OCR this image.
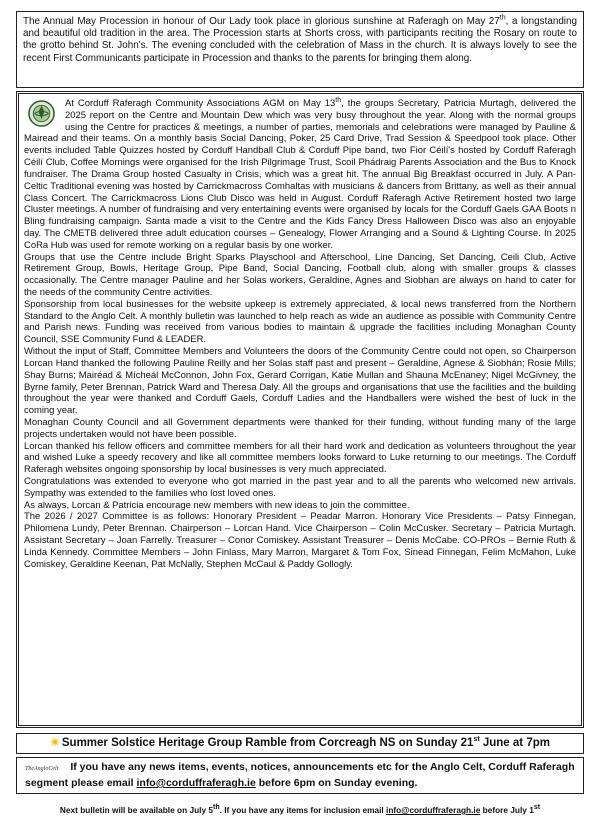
The Annual May Procession in honour of Our Lady took place in glorious sunshine at Raferagh on May 27th, a longstanding and beautiful old tradition in the area. The Procession starts at Shorts cross, with participants reciting the Rosary on route to the grotto behind St. John's. The evening concluded with the celebration of Mass in the church. It is always lovely to see the recent First Communicants participate in Procession and thanks to the parents for bringing them along.

At Corduff Raferagh Community Associations AGM on May 13th, the groups Secretary, Patricia Murtagh, delivered the 2025 report on the Centre and Mountain Dew which was very busy throughout the year. Along with the normal groups using the Centre for practices & meetings, a number of parties, memorials and celebrations were managed by Pauline & Mairead and their teams. On a monthly basis Social Dancing, Poker, 25 Card Drive, Trad Session & Speedpool took place. Other events included Table Quizzes hosted by Corduff Handball Club & Corduff Pipe band, two Fior Céilí's hosted by Corduff Raferagh Céilí Club, Coffee Mornings were organised for the Irish Pilgrimage Trust, Scoil Phádraig Parents Association and the Bus to Knock fundraiser. The Drama Group hosted Casualty in Crisis, which was a great hit. The annual Big Breakfast occurred in July. A Pan-Celtic Traditional evening was hosted by Carrickmacross Comhaltas with musicians & dancers from Brittany, as well as their annual Class Concert. The Carrickmacross Lions Club Disco was held in August. Corduff Raferagh Active Retirement hosted two large Cluster meetings. A number of fundraising and very entertaining events were organised by locals for the Corduff Gaels GAA Boots n Bling fundraising campaign. Santa made a visit to the Centre and the Kids Fancy Dress Halloween Disco was also an enjoyable day. The CMETB delivered three adult education courses – Genealogy, Flower Arranging and a Sound & Lighting Course. In 2025 CoRa Hub was used for remote working on a regular basis by one worker.

Groups that use the Centre include Bright Sparks Playschool and Afterschool, Line Dancing, Set Dancing, Ceili Club, Active Retirement Group, Bowls, Heritage Group, Pipe Band, Social Dancing, Football club, along with smaller groups & classes occasionally. The Centre manager Pauline and her Solas workers, Geraldine, Agnes and Siobhan are always on hand to cater for the needs of the community Centre activities.

Sponsorship from local businesses for the website upkeep is extremely appreciated, & local news transferred from the Northern Standard to the Anglo Celt. A monthly bulletin was launched to help reach as wide an audience as possible with Community Centre and Parish news. Funding was received from various bodies to maintain & upgrade the facilities including Monaghan County Council, SSE Community Fund & LEADER.

Without the input of Staff, Committee Members and Volunteers the doors of the Community Centre could not open, so Chairperson Lorcan Hand thanked the following Pauline Reilly and her Solas staff past and present – Geraldine, Agnese & Siobhán; Rosie Mills; Shay Burns; Mairéad & Mícheál McConnon, John Fox, Gerard Corrigan, Katie Mullan and Shauna McEnaney; Nigel McGivney, the Byrne family, Peter Brennan, Patrick Ward and Theresa Daly. All the groups and organisations that use the facilities and the building throughout the year were thanked and Corduff Gaels, Corduff Ladies and the Handballers were wished the best of luck in the coming year.

Monaghan County Council and all Government departments were thanked for their funding, without funding many of the large projects undertaken would not have been possible.

Lorcan thanked his fellow officers and committee members for all their hard work and dedication as volunteers throughout the year and wished Luke a speedy recovery and like all committee members looks forward to Luke returning to our meetings. The Corduff Raferagh websites ongoing sponsorship by local businesses is very much appreciated.

Congratulations was extended to everyone who got married in the past year and to all the parents who welcomed new arrivals. Sympathy was extended to the families who lost loved ones.

As always, Lorcan & Patricia encourage new members with new ideas to join the committee.

The 2026 / 2027 Committee is as follows: Honorary President – Peadar Marron. Honorary Vice Presidents – Patsy Finnegan, Philomena Lundy, Peter Brennan. Chairperson – Lorcan Hand. Vice Chairperson – Colin McCusker. Secretary – Patricia Murtagh. Assistant Secretary – Joan Farrelly. Treasurer – Conor Comiskey. Assistant Treasurer – Denis McCabe. CO-PROs – Bernie Ruth & Linda Kennedy. Committee Members – John Finlass, Mary Marron, Margaret & Tom Fox, Sinead Finnegan, Felim McMahon, Luke Comiskey, Geraldine Keenan, Pat McNally, Stephen McCaul & Paddy Gollogly.

☀ Summer Solstice Heritage Group Ramble from Corcreagh NS on Sunday 21st June at 7pm
TheAngloCelt If you have any news items, events, notices, announcements etc for the Anglo Celt, Corduff Raferagh segment please email info@corduffraferagh.ie before 6pm on Sunday evening.
Next bulletin will be available on July 5th. If you have any items for inclusion email info@corduffraferagh.ie before July 1st
